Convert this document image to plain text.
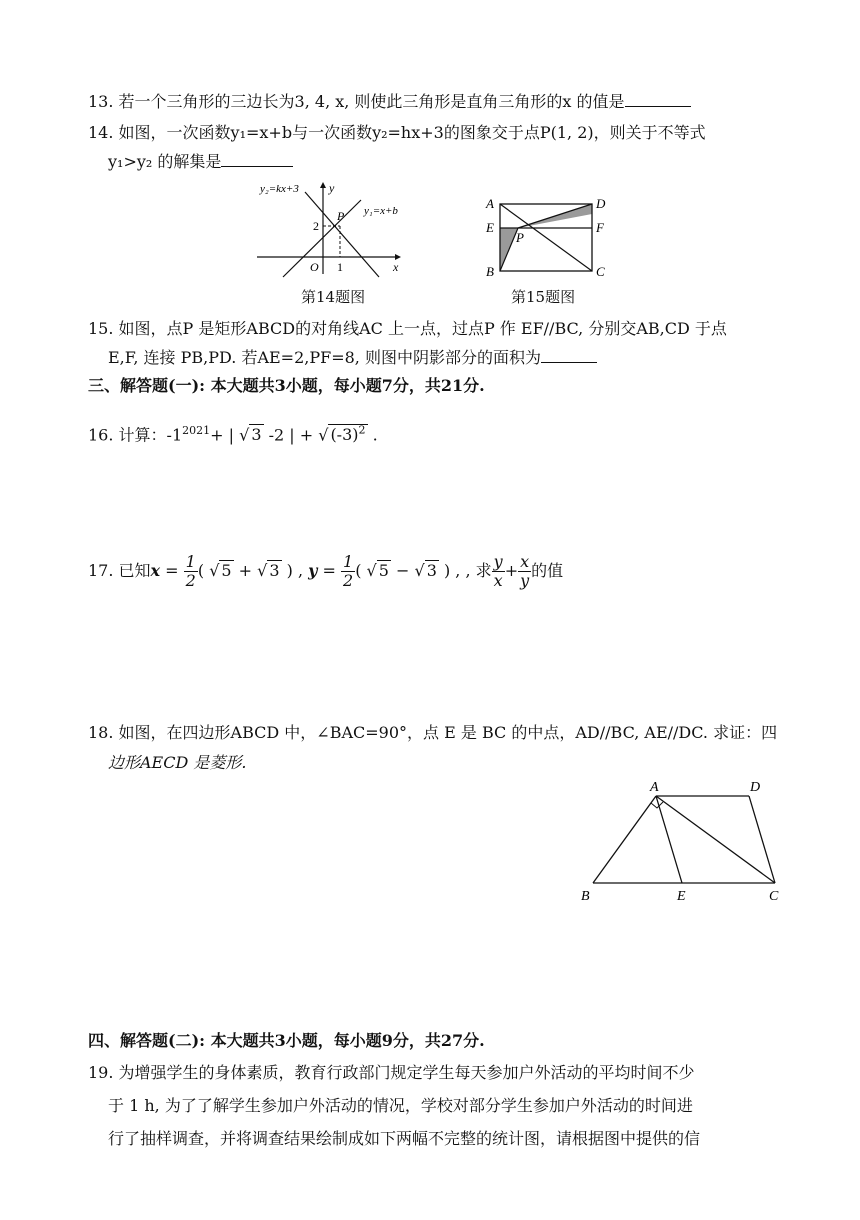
13. 若一个三角形的三边长为3, 4, x, 则使此三角形是直角三角形的x 的值是
14. 如图，一次函数y₁=x+b与一次函数y₂=hx+3的图象交于点P(1, 2)，则关于不等式
y₁>y₂ 的解集是
y₂=kx+3	y
y₁=x+b
P
2
O 1	x
第14题图
A
E
B
D
F
C
P
第15题图
15. 如图，点P 是矩形ABCD的对角线AC 上一点，过点P 作 EF//BC, 分别交AB,CD 于点
E,F, 连接 PB,PD. 若AE=2,PF=8, 则图中阴影部分的面积为
三、解答题(一): 本大题共3小题，每小题7分，共21分.
16. 计算：$-1^{2021}+$ | √ 3 -2 | + √ $(-3)^2$ .
17. 已知$x = \frac{1}{2}$ ( √ 5 + √ 3 ) , $y = \frac{1}{2}$ ( √ 5 − √ 3 ) , , 求 $\frac{y}{x} + \frac{x}{y}$ 的值
18. 如图，在四边形ABCD 中，∠BAC=90°，点 E 是 BC 的中点，AD//BC, AE//DC. 求证：四
边形AECD 是菱形.
A	D
B	E	C
四、解答题(二): 本大题共3小题，每小题9分，共27分.
19. 为增强学生的身体素质，教育行政部门规定学生每天参加户外活动的平均时间不少
于 1 h, 为了了解学生参加户外活动的情况，学校对部分学生参加户外活动的时间进
行了抽样调查，并将调查结果绘制成如下两幅不完整的统计图，请根据图中提供的信
